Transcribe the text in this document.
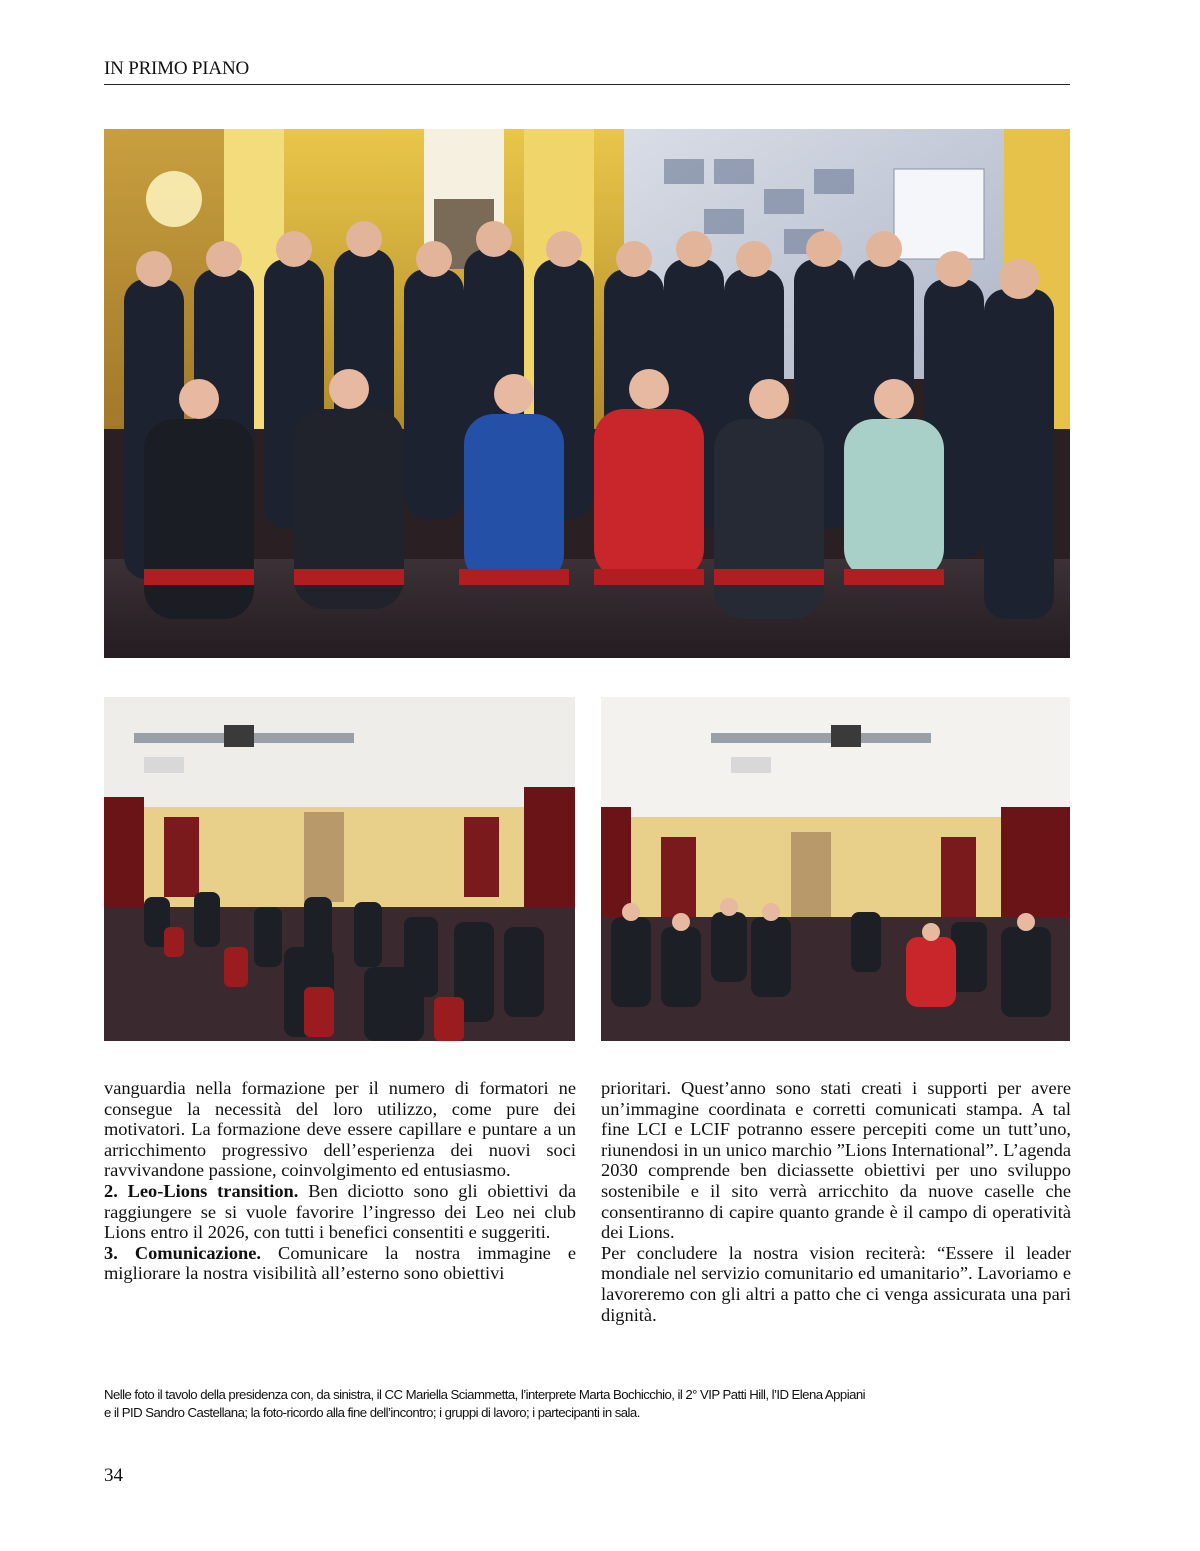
IN PRIMO PIANO

vanguardia nella formazione per il numero di formatori ne consegue la necessità del loro utilizzo, come pure dei motivatori. La formazione deve essere capillare e puntare a un arricchimento progressivo dell’esperienza dei nuovi soci ravvivandone passione, coinvolgimento ed entusiasmo.

2. Leo-Lions transition. Ben diciotto sono gli obiettivi da raggiungere se si vuole favorire l’ingresso dei Leo nei club Lions entro il 2026, con tutti i benefici consentiti e suggeriti.

3. Comunicazione. Comunicare la nostra immagine e migliorare la nostra visibilità all’esterno sono obiettivi

prioritari. Quest’anno sono stati creati i supporti per avere un’immagine coordinata e corretti comunicati stampa. A tal fine LCI e LCIF potranno essere percepiti come un tutt’uno, riunendosi in un unico marchio ”Lions International”. L’agenda 2030 comprende ben diciassette obiettivi per uno sviluppo sostenibile e il sito verrà arricchito da nuove caselle che consentiranno di capire quanto grande è il campo di operatività dei Lions.

Per concludere la nostra vision reciterà: “Essere il leader mondiale nel servizio comunitario ed umanitario”. Lavoriamo e lavoreremo con gli altri a patto che ci venga assicurata una pari dignità.

Nelle foto il tavolo della presidenza con, da sinistra, il CC Mariella Sciammetta, l’interprete Marta Bochicchio, il 2° VIP Patti Hill, l’ID Elena Appiani

e il PID Sandro Castellana; la foto-ricordo alla fine dell’incontro; i gruppi di lavoro; i partecipanti in sala.

34
